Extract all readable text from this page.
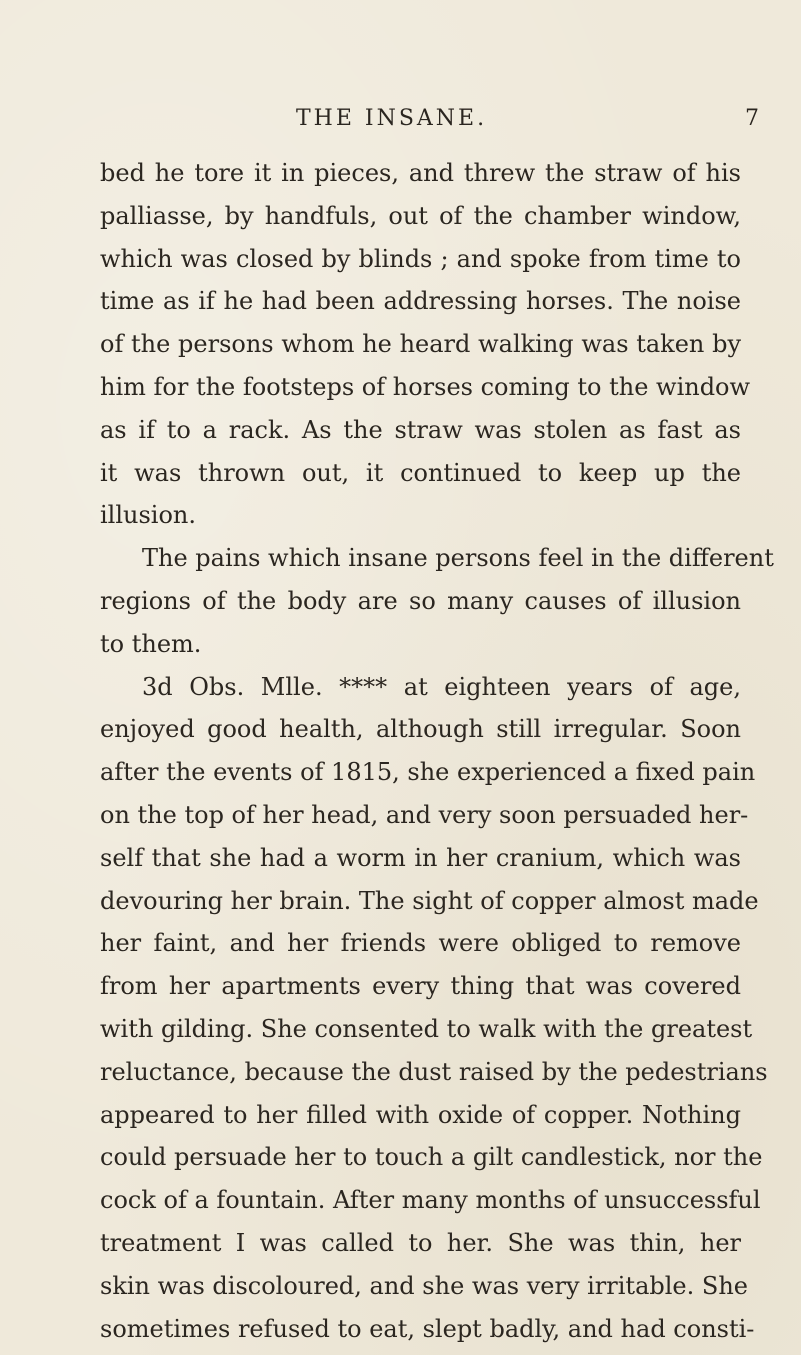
THE INSANE.	7
bed he tore it in pieces, and threw the straw of his
palliasse, by handfuls, out of the chamber window,
which was closed by blinds ; and spoke from time to
time as if he had been addressing horses. The noise
of the persons whom he heard walking was taken by
him for the footsteps of horses coming to the window
as if to a rack. As the straw was stolen as fast as
it was thrown out, it continued to keep up the
illusion.
The pains which insane persons feel in the different
regions of the body are so many causes of illusion
to them.
3d Obs. Mlle. **** at eighteen years of age,
enjoyed good health, although still irregular. Soon
after the events of 1815, she experienced a fixed pain
on the top of her head, and very soon persuaded her-
self that she had a worm in her cranium, which was
devouring her brain. The sight of copper almost made
her faint, and her friends were obliged to remove
from her apartments every thing that was covered
with gilding. She consented to walk with the greatest
reluctance, because the dust raised by the pedestrians
appeared to her filled with oxide of copper. Nothing
could persuade her to touch a gilt candlestick, nor the
cock of a fountain. After many months of unsuccessful
treatment I was called to her. She was thin, her
skin was discoloured, and she was very irritable. She
sometimes refused to eat, slept badly, and had consti-
